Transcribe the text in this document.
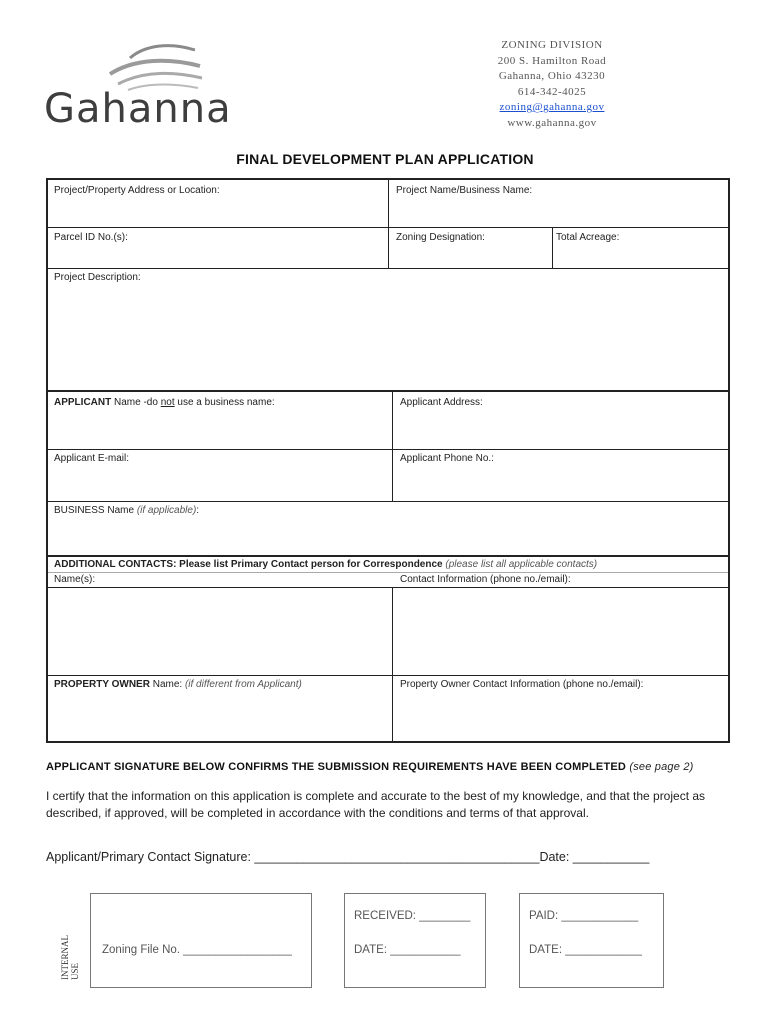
Gahanna
ZONING DIVISION
200 S. Hamilton Road
Gahanna, Ohio 43230
614-342-4025
zoning@gahanna.gov
www.gahanna.gov
FINAL DEVELOPMENT PLAN APPLICATION
Project/Property Address or Location:	Project Name/Business Name:
Parcel ID No.(s):	Zoning Designation:	Total Acreage:
Project Description:
APPLICANT Name -do not use a business name:	Applicant Address:
Applicant E-mail:	Applicant Phone No.:
BUSINESS Name (if applicable):
ADDITIONAL CONTACTS: Please list Primary Contact person for Correspondence (please list all applicable contacts)
Name(s):	Contact Information (phone no./email):
PROPERTY OWNER Name: (if different from Applicant)	Property Owner Contact Information (phone no./email):
APPLICANT SIGNATURE BELOW CONFIRMS THE SUBMISSION REQUIREMENTS HAVE BEEN COMPLETED (see page 2)
I certify that the information on this application is complete and accurate to the best of my knowledge, and that the project as described, if approved, will be completed in accordance with the conditions and terms of that approval.
Applicant/Primary Contact Signature: _________________________________________Date: ___________
INTERNAL USE
Zoning File No. _________________
RECEIVED: ________
DATE: ___________
PAID: ____________
DATE: ____________
